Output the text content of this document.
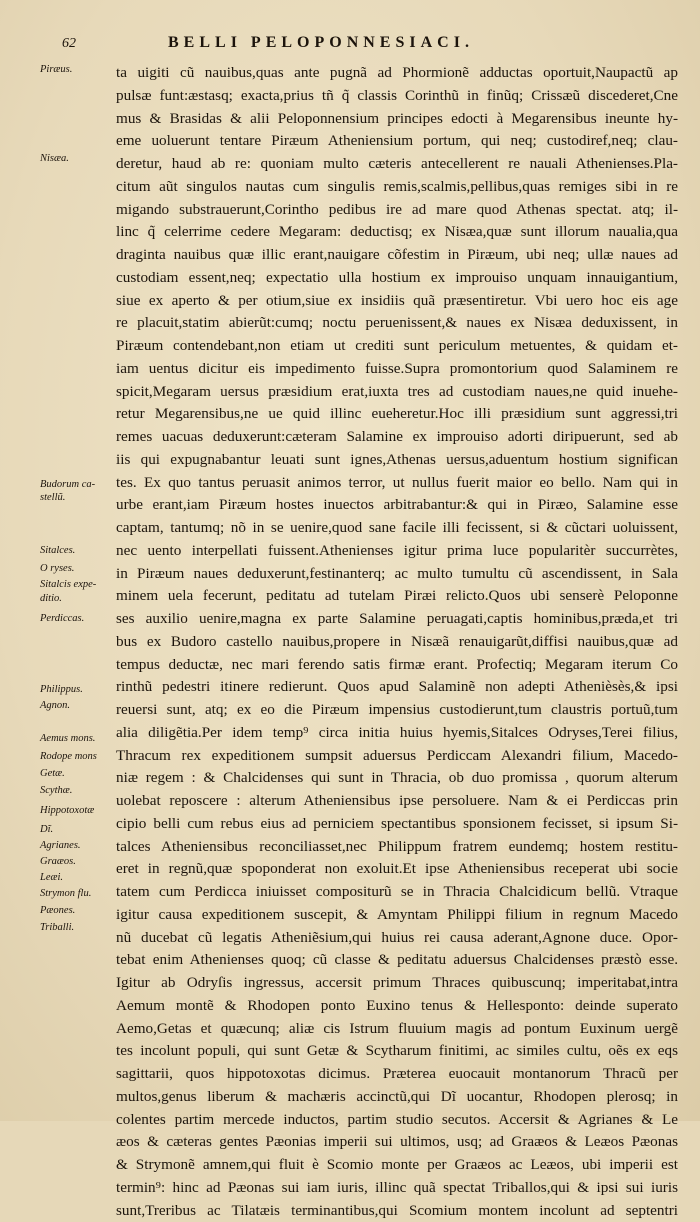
62	BELLI PELOPONNESIACI.
ta uigiti cũ nauibus,quas ante pugnã ad Phormionẽ adductas oportuit,Naupactũ ap
pulsæ funt:æstasq; exacta,prius tñ q̃ classis Corinthũ in finũq; Crissæũ discederet,Cne
mus & Brasidas & alii Peloponnensium principes edocti à Megarensibus ineunte hy-
eme uoluerunt tentare Piræum Atheniensium portum, qui neq; custodiref,neq; clau-
deretur, haud ab re: quoniam multo cæteris antecellerent re nauali Athenienses.Pla-
citum aũt singulos nautas cum singulis remis,scalmis,pellibus,quas remiges sibi in re
migando substrauerunt,Corintho pedibus ire ad mare quod Athenas spectat. atq; il-
linc q̃ celerrime cedere Megaram: deductisq; ex Nisæa,quæ sunt illorum naualia,qua
draginta nauibus quæ illic erant,nauigare cõfestim in Piræum, ubi neq; ullæ naues ad
custodiam essent,neq; expectatio ulla hostium ex improuiso unquam innauigantium,
siue ex aperto & per otium,siue ex insidiis quã præsentiretur. Vbi uero hoc eis age
re placuit,statim abierũt:cumq; noctu peruenissent,& naues ex Nisæa deduxissent, in
Piræum contendebant,non etiam ut crediti sunt periculum metuentes, & quidam et-
iam uentus dicitur eis impedimento fuisse.Supra promontorium quod Salaminem re
spicit,Megaram uersus præsidium erat,iuxta tres ad custodiam naues,ne quid inuehe-
retur Megarensibus,ne ue quid illinc eueheretur.Hoc illi præsidium sunt aggressi,tri
remes uacuas deduxerunt:cæteram Salamine ex improuiso adorti diripuerunt, sed ab
iis qui expugnabantur leuati sunt ignes,Athenas uersus,aduentum hostium significan
tes. Ex quo tantus peruasit animos terror, ut nullus fuerit maior eo bello. Nam qui in
urbe erant,iam Piræum hostes inuectos arbitrabantur:& qui in Piræo, Salamine esse
captam, tantumq; nõ in se uenire,quod sane facile illi fecissent, si & cũctari uoluissent,
nec uento interpellati fuissent.Athenienses igitur prima luce popularitèr succurrètes,
in Piræum naues deduxerunt,festinanterq; ac multo tumultu cũ ascendissent, in Sala
minem uela fecerunt, peditatu ad tutelam Piræi relicto.Quos ubi senserè Peloponne
ses auxilio uenire,magna ex parte Salamine peruagati,captis hominibus,præda,et tri
bus ex Budoro castello nauibus,propere in Nisæã renauigarũt,diffisi nauibus,quæ ad
tempus deductæ, nec mari ferendo satis firmæ erant. Profectiq; Megaram iterum Co
rinthũ pedestri itinere redierunt. Quos apud Salaminẽ non adepti Athenièsès,& ipsi
reuersi sunt, atq; ex eo die Piræum impensius custodierunt,tum claustris portuũ,tum
alia diligẽtia.Per idem temp⁹ circa initia huius hyemis,Sitalces Odryses,Terei filius,
Thracum rex expeditionem sumpsit aduersus Perdiccam Alexandri filium, Macedo-
niæ regem : & Chalcidenses qui sunt in Thracia, ob duo promissa , quorum alterum
uolebat reposcere : alterum Atheniensibus ipse persoluere. Nam & ei Perdiccas prin
cipio belli cum rebus eius ad perniciem spectantibus sponsionem fecisset, si ipsum Si-
talces Atheniensibus reconciliasset,nec Philippum fratrem eundemq; hostem restitu-
eret in regnũ,quæ spoponderat non exoluit.Et ipse Atheniensibus receperat ubi socie
tatem cum Perdicca iniuisset compositurũ se in Thracia Chalcidicum bellũ. Vtraque
igitur causa expeditionem suscepit, & Amyntam Philippi filium in regnum Macedo
nũ ducebat cũ legatis Atheniẽsium,qui huius rei causa aderant,Agnone duce. Opor-
tebat enim Athenienses quoq; cũ classe & peditatu aduersus Chalcidenses præstò esse.
Igitur ab Odryſis ingressus, accersit primum Thraces quibuscunq; imperitabat,intra
Aemum montẽ & Rhodopen ponto Euxino tenus & Hellesponto: deinde superato
Aemo,Getas et quæcunq; aliæ cis Istrum fluuium magis ad pontum Euxinum uergẽ
tes incolunt populi, qui sunt Getæ & Scytharum finitimi, ac similes cultu, oẽs ex eqs
sagittarii, quos hippotoxotas dicimus. Præterea euocauit montanorum Thracũ per
multos,genus liberum & machæris accinctũ,qui Dĩ uocantur, Rhodopen plerosq; in
colentes partim mercede inductos, partim studio secutos. Accersit & Agrianes & Le
æos & cæteras gentes Pæonias imperii sui ultimos, usq; ad Graæos & Leæos Pæonas
& Strymonẽ amnem,qui fluit è Scomio monte per Graæos ac Leæos, ubi imperii est
termin⁹: hinc ad Pæonas sui iam iuris, illinc quã spectat Triballos,qui & ipsi sui iuris
sunt,Treribus ac Tilatæis terminantibus,qui Scomium montem incolunt ad septentri
Piræus.
Nisæa.
Budorum ca-
stellũ.
Sitalces.
O ryses.
Sitalcis expe-
ditio.
Perdiccas.
Philippus.
Agnon.
Aemus mons.
Rodope mons
Getæ.
Scythæ.
Hippotoxotæ
Dĩ.
Agrianes.
Graæos.
Leæi.
Strymon flu.
Pæones.
Triballi.
